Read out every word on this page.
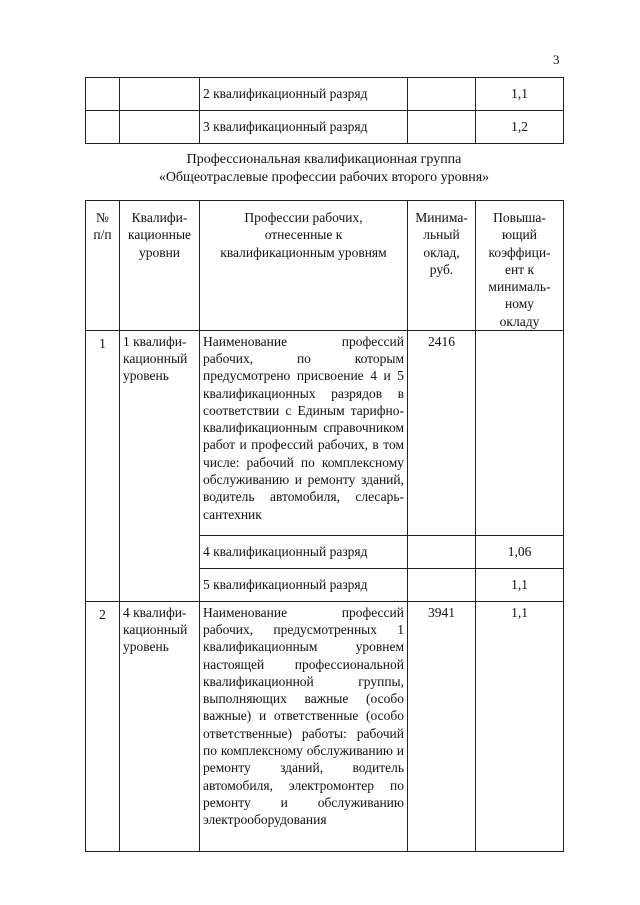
3
		2 квалификационный разряд		1,1
		3 квалификационный разряд		1,2
Профессиональная квалификационная группа
«Общеотраслевые профессии рабочих второго уровня»
№ п/п	Квалифи-кационные уровни	Профессии рабочих, отнесенные к квалификационным уровням	Минима-льный оклад, руб.	Повыша-ющий коэффици-ент к минималь-ному окладу
1	1 квалифи-кационный уровень	Наименование профессий рабочих, по которым предусмотрено присвоение 4 и 5 квалификационных разрядов в соответствии с Единым тарифно-квалификационным справочником работ и профессий рабочих, в том числе: рабочий по комплексному обслуживанию и ремонту зданий, водитель автомобиля, слесарь-сантехник	2416	
		4 квалификационный разряд		1,06
		5 квалификационный разряд		1,1
2	4 квалифи-кационный уровень	Наименование профессий рабочих, предусмотренных 1 квалификационным уровнем настоящей профессиональной квалификационной группы, выполняющих важные (особо важные) и ответственные (особо ответственные) работы: рабочий по комплексному обслуживанию и ремонту зданий, водитель автомобиля, электромонтер по ремонту и обслуживанию электрооборудования	3941	1,1
